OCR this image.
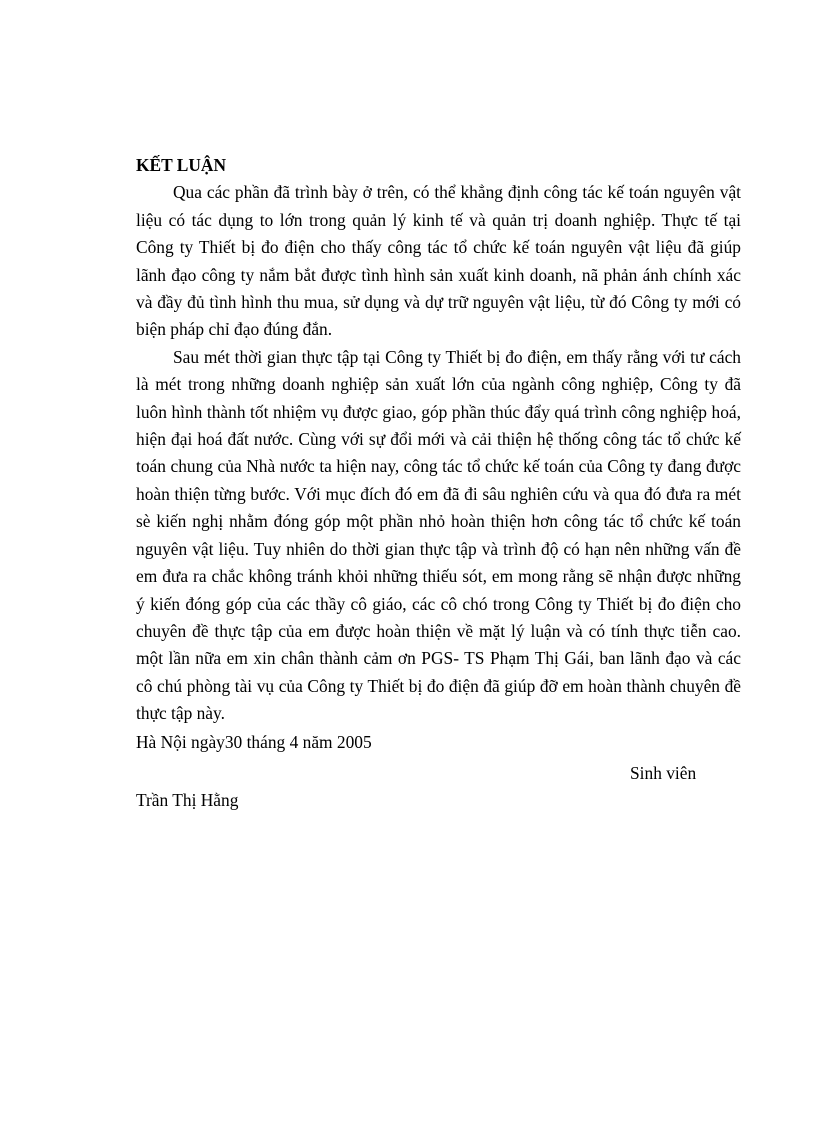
KẾT LUẬN

Qua các phần đã trình bày ở trên, có thể khẳng định công tác kế toán nguyên vật liệu có tác dụng to lớn trong quản lý kinh tế và quản trị doanh nghiệp. Thực tế tại Công ty Thiết bị đo điện cho thấy công tác tổ chức kế toán nguyên vật liệu đã giúp lãnh đạo công ty nắm bắt được tình hình sản xuất kinh doanh, nã phản ánh chính xác và đầy đủ tình hình thu mua, sử dụng và dự trữ nguyên vật liệu, từ đó Công ty mới có biện pháp chỉ đạo đúng đắn.

Sau mét thời gian thực tập tại Công ty Thiết bị đo điện, em thấy rằng với tư cách là mét trong những doanh nghiệp sản xuất lớn của ngành công nghiệp, Công ty đã luôn hình thành tốt nhiệm vụ được giao, góp phần thúc đẩy quá trình công nghiệp hoá, hiện đại hoá đất nước. Cùng với sự đổi mới và cải thiện hệ thống công tác tổ chức kế toán chung của Nhà nước ta hiện nay, công tác tổ chức kế toán của Công ty đang được hoàn thiện từng bước. Với mục đích đó em đã đi sâu nghiên cứu và qua đó đưa ra mét sè kiến nghị nhằm đóng góp một phần nhỏ hoàn thiện hơn công tác tổ chức kế toán nguyên vật liệu. Tuy nhiên do thời gian thực tập và trình độ có hạn nên những vấn đề em đưa ra chắc không tránh khỏi những thiếu sót, em mong rằng sẽ nhận được những ý kiến đóng góp của các thầy cô giáo, các cô chó trong Công ty Thiết bị đo điện cho chuyên đề thực tập của em được hoàn thiện về mặt lý luận và có tính thực tiễn cao. một lần nữa em xin chân thành cảm ơn PGS- TS Phạm Thị Gái, ban lãnh đạo và các cô chú phòng tài vụ của Công ty Thiết bị đo điện đã giúp đỡ em hoàn thành chuyên đề thực tập này.

Hà Nội ngày30 tháng 4 năm 2005

Sinh viên

Trần Thị Hằng
